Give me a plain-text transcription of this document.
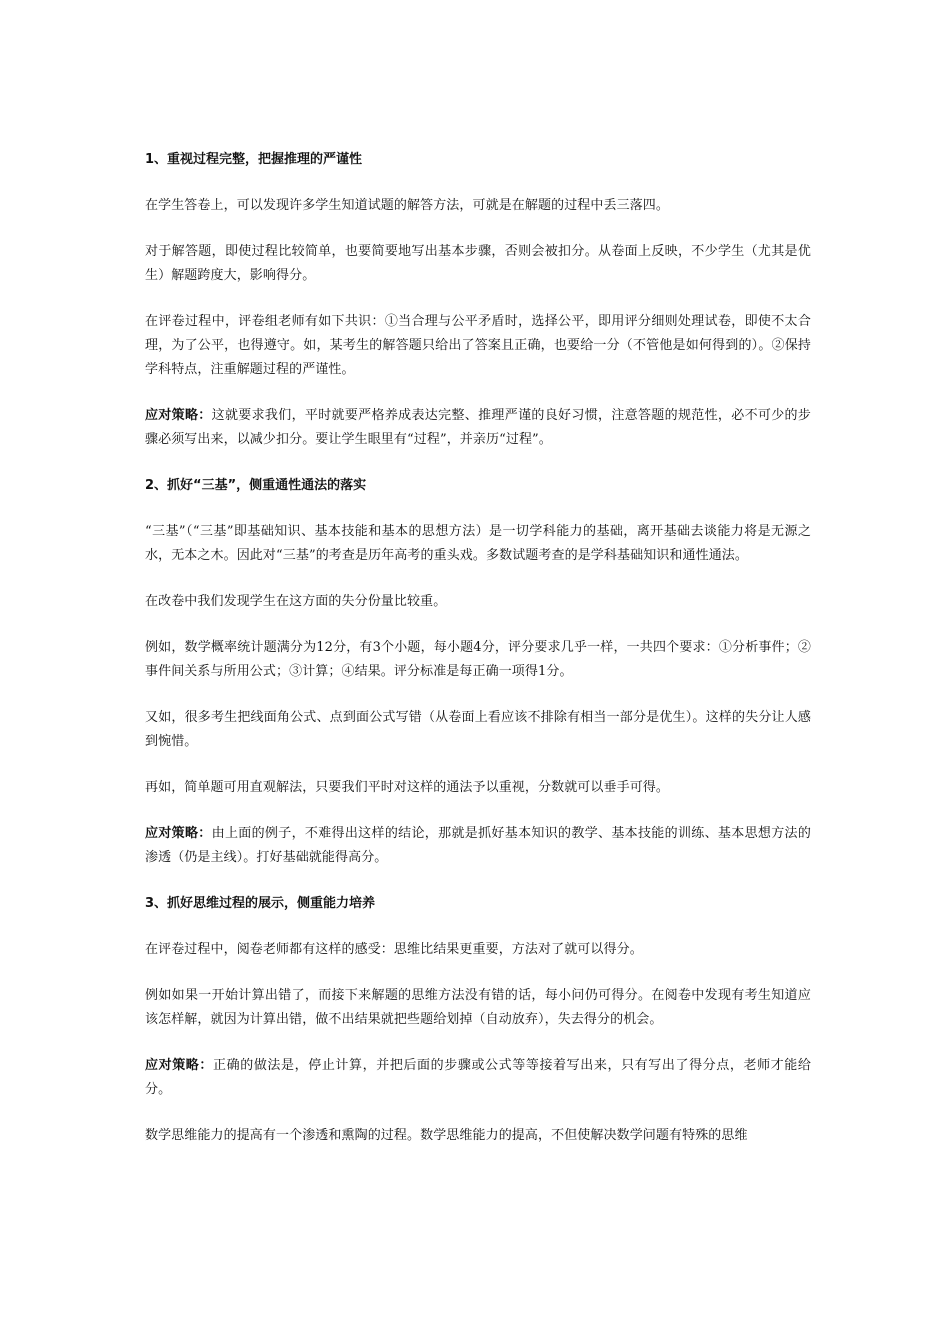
1、重视过程完整，把握推理的严谨性
在学生答卷上，可以发现许多学生知道试题的解答方法，可就是在解题的过程中丢三落四。
对于解答题，即使过程比较简单，也要简要地写出基本步骤，否则会被扣分。从卷面上反映，不少学生（尤其是优生）解题跨度大，影响得分。
在评卷过程中，评卷组老师有如下共识：①当合理与公平矛盾时，选择公平，即用评分细则处理试卷，即使不太合理，为了公平，也得遵守。如，某考生的解答题只给出了答案且正确，也要给一分（不管他是如何得到的）。②保持学科特点，注重解题过程的严谨性。
应对策略：这就要求我们，平时就要严格养成表达完整、推理严谨的良好习惯，注意答题的规范性，必不可少的步骤必须写出来，以减少扣分。要让学生眼里有“过程”，并亲历“过程”。
2、抓好“三基”，侧重通性通法的落实
“三基”（“三基”即基础知识、基本技能和基本的思想方法）是一切学科能力的基础，离开基础去谈能力将是无源之水，无本之木。因此对“三基”的考查是历年高考的重头戏。多数试题考查的是学科基础知识和通性通法。
在改卷中我们发现学生在这方面的失分份量比较重。
例如，数学概率统计题满分为12分，有3个小题，每小题4分，评分要求几乎一样，一共四个要求：①分析事件；②事件间关系与所用公式；③计算；④结果。评分标准是每正确一项得1分。
又如，很多考生把线面角公式、点到面公式写错（从卷面上看应该不排除有相当一部分是优生）。这样的失分让人感到惋惜。
再如，简单题可用直观解法，只要我们平时对这样的通法予以重视，分数就可以垂手可得。
应对策略：由上面的例子，不难得出这样的结论，那就是抓好基本知识的教学、基本技能的训练、基本思想方法的渗透（仍是主线）。打好基础就能得高分。
3、抓好思维过程的展示，侧重能力培养
在评卷过程中，阅卷老师都有这样的感受：思维比结果更重要，方法对了就可以得分。
例如如果一开始计算出错了，而接下来解题的思维方法没有错的话，每小问仍可得分。在阅卷中发现有考生知道应该怎样解，就因为计算出错，做不出结果就把些题给划掉（自动放弃），失去得分的机会。
应对策略：正确的做法是，停止计算，并把后面的步骤或公式等等接着写出来，只有写出了得分点，老师才能给分。
数学思维能力的提高有一个渗透和熏陶的过程。数学思维能力的提高，不但使解决数学问题有特殊的思维
